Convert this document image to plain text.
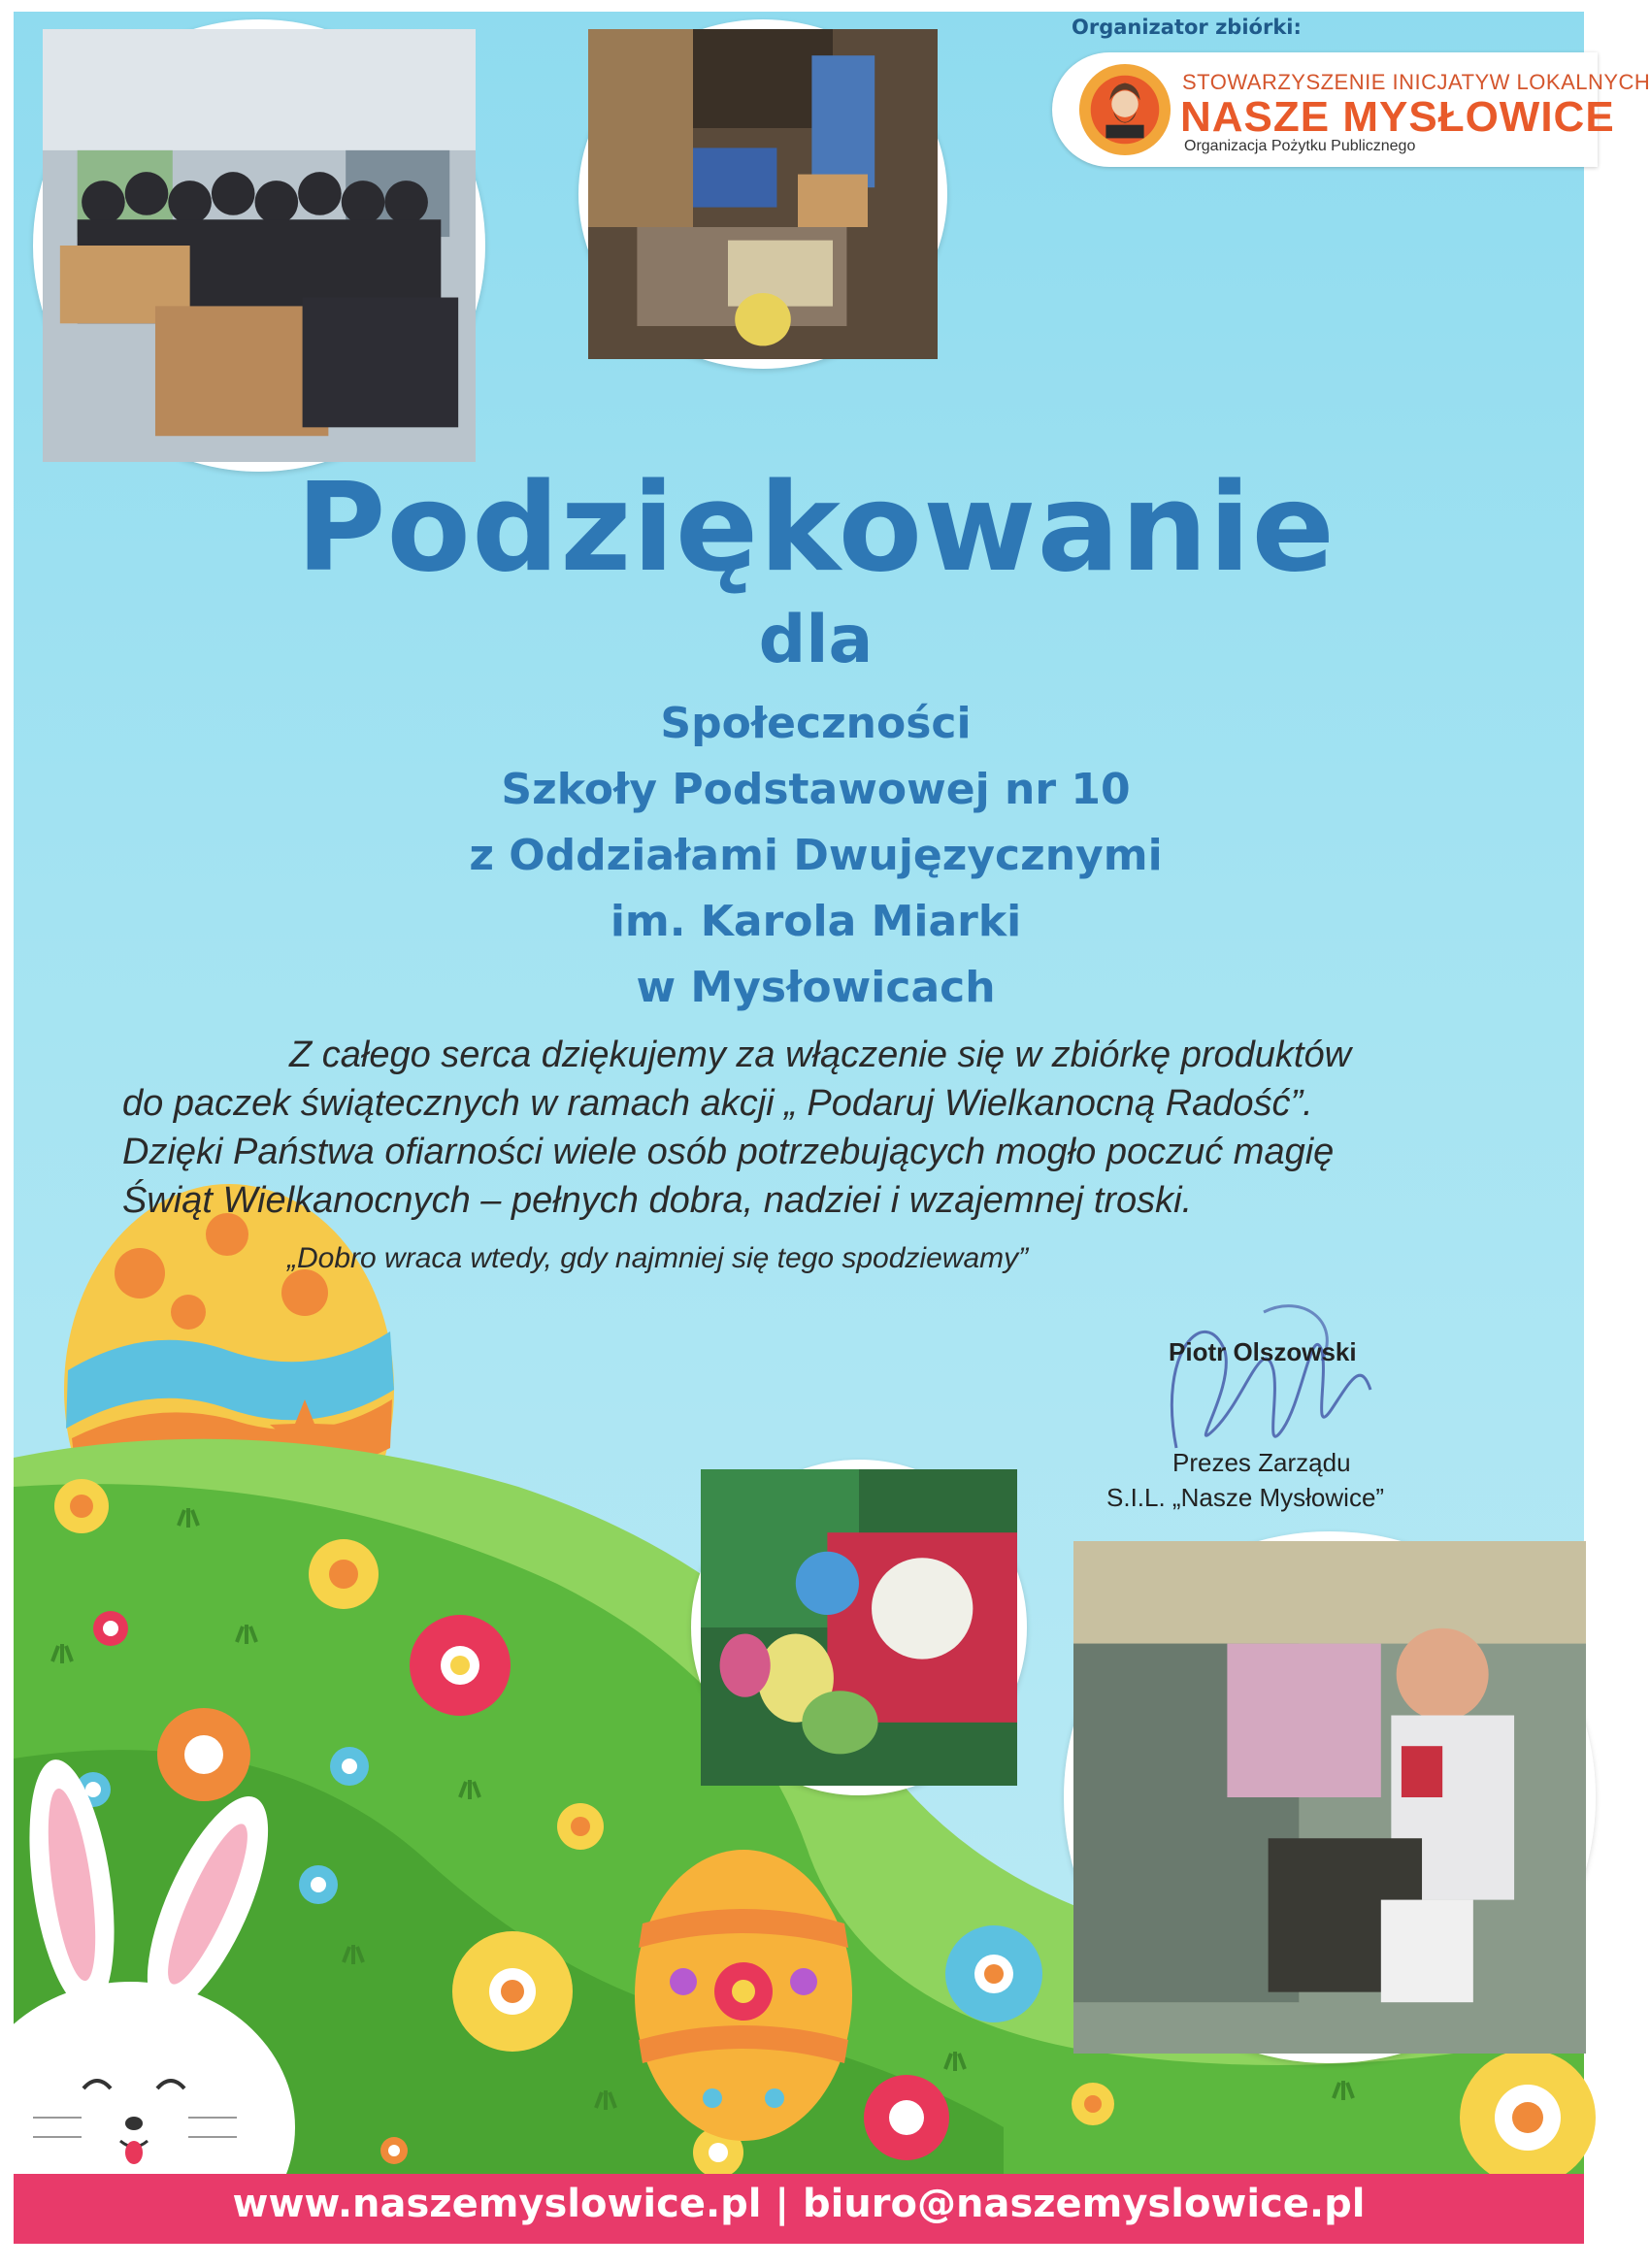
Organizator zbiórki:
STOWARZYSZENIE INICJATYW LOKALNYCH
NASZE MYSŁOWICE
Organizacja Pożytku Publicznego
Podziękowanie
dla
Społeczności
Szkoły Podstawowej nr 10
z Oddziałami Dwujęzycznymi
im. Karola Miarki
w Mysłowicach
Z całego serca dziękujemy za włączenie się w zbiórkę produktów
do paczek świątecznych w ramach akcji „ Podaruj Wielkanocną Radość”.
Dzięki Państwa ofiarności wiele osób potrzebujących mogło poczuć magię
Świąt Wielkanocnych – pełnych dobra, nadziei i wzajemnej troski.
„Dobro wraca wtedy, gdy najmniej się tego spodziewamy”
Piotr Olszowski
Prezes Zarządu
S.I.L. „Nasze Mysłowice”
www.naszemyslowice.pl | biuro@naszemyslowice.pl
